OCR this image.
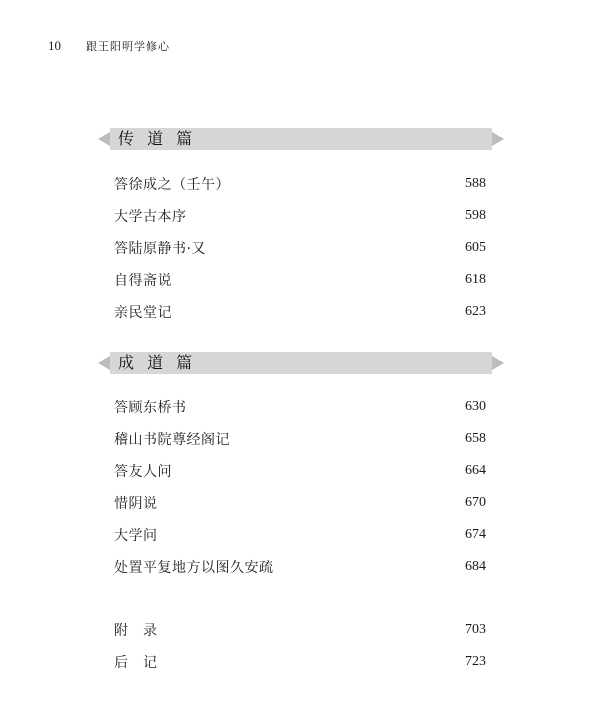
10	跟王阳明学修心
传 道 篇
答徐成之（壬午）	588
大学古本序	598
答陆原静书·又	605
自得斋说	618
亲民堂记	623
成 道 篇
答顾东桥书	630
稽山书院尊经阁记	658
答友人问	664
惜阴说	670
大学问	674
处置平复地方以图久安疏	684
附　录	703
后　记	723
